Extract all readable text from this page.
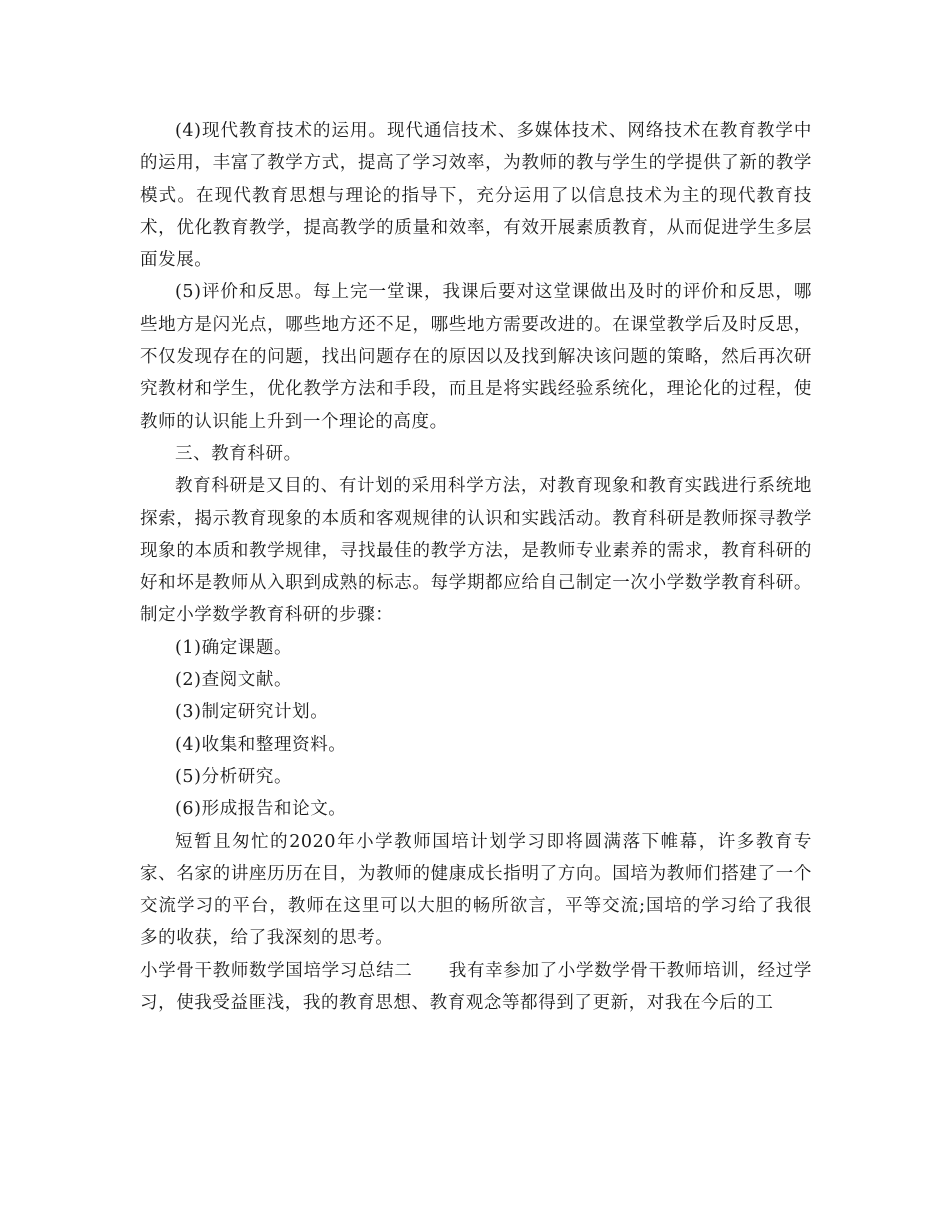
(4)现代教育技术的运用。现代通信技术、多媒体技术、网络技术在教育教学中的运用，丰富了教学方式，提高了学习效率，为教师的教与学生的学提供了新的教学模式。在现代教育思想与理论的指导下，充分运用了以信息技术为主的现代教育技术，优化教育教学，提高教学的质量和效率，有效开展素质教育，从而促进学生多层面发展。

(5)评价和反思。每上完一堂课，我课后要对这堂课做出及时的评价和反思，哪些地方是闪光点，哪些地方还不足，哪些地方需要改进的。在课堂教学后及时反思，不仅发现存在的问题，找出问题存在的原因以及找到解决该问题的策略，然后再次研究教材和学生，优化教学方法和手段，而且是将实践经验系统化，理论化的过程，使教师的认识能上升到一个理论的高度。

三、教育科研。

教育科研是又目的、有计划的采用科学方法，对教育现象和教育实践进行系统地探索，揭示教育现象的本质和客观规律的认识和实践活动。教育科研是教师探寻教学现象的本质和教学规律，寻找最佳的教学方法，是教师专业素养的需求，教育科研的好和坏是教师从入职到成熟的标志。每学期都应给自己制定一次小学数学教育科研。制定小学数学教育科研的步骤：

(1)确定课题。

(2)查阅文献。

(3)制定研究计划。

(4)收集和整理资料。

(5)分析研究。

(6)形成报告和论文。

短暂且匆忙的2020年小学教师国培计划学习即将圆满落下帷幕，许多教育专家、名家的讲座历历在目，为教师的健康成长指明了方向。国培为教师们搭建了一个交流学习的平台，教师在这里可以大胆的畅所欲言，平等交流;国培的学习给了我很多的收获，给了我深刻的思考。

小学骨干教师数学国培学习总结二　　 我有幸参加了小学数学骨干教师培训，经过学习，使我受益匪浅，我的教育思想、教育观念等都得到了更新，对我在今后的工
